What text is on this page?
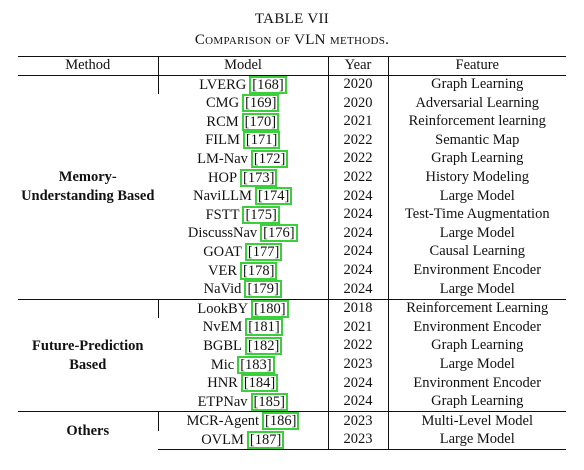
TABLE VII
Comparison of VLN methods.
Method	Model	Year	Feature
Memory-Understanding Based	LVERG [168]	2020	Graph Learning
	CMG [169]	2020	Adversarial Learning
	RCM [170]	2021	Reinforcement learning
	FILM [171]	2022	Semantic Map
	LM-Nav [172]	2022	Graph Learning
	HOP [173]	2022	History Modeling
	NaviLLM [174]	2024	Large Model
	FSTT [175]	2024	Test-Time Augmentation
	DiscussNav [176]	2024	Large Model
	GOAT [177]	2024	Causal Learning
	VER [178]	2024	Environment Encoder
	NaVid [179]	2024	Large Model
Future-Prediction Based	LookBY [180]	2018	Reinforcement Learning
	NvEM [181]	2021	Environment Encoder
	BGBL [182]	2022	Graph Learning
	Mic [183]	2023	Large Model
	HNR [184]	2024	Environment Encoder
	ETPNav [185]	2024	Graph Learning
Others	MCR-Agent [186]	2023	Multi-Level Model
	OVLM [187]	2023	Large Model
